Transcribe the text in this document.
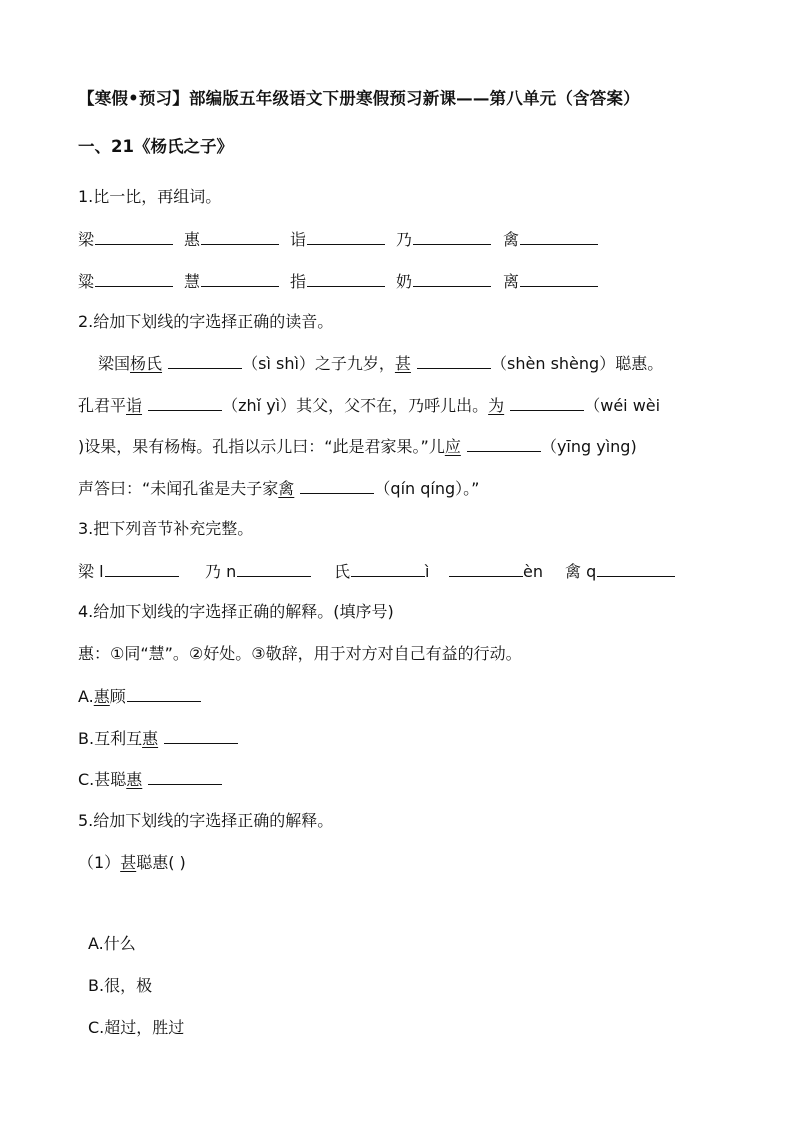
【寒假•预习】部编版五年级语文下册寒假预习新课——第八单元（含答案）
一、21《杨氏之子》
1.比一比，再组词。
梁	惠	诣	乃	禽
粱	慧	指	奶	离
2.给加下划线的字选择正确的读音。
梁国杨氏	（sì shì）之子九岁，甚	（shèn shèng）聪惠。
孔君平诣	（zhǐ yì）其父，父不在，乃呼儿出。为	（wéi wèi
)设果，果有杨梅。孔指以示儿曰：“此是君家果。”儿应	（yīng yìng)
声答曰：“未闻孔雀是夫子家禽	（qín qíng）。”
3.把下列音节补充完整。
梁 l	乃 n	氏	ì	èn 禽 q
4.给加下划线的字选择正确的解释。(填序号)
惠：①同“慧”。②好处。③敬辞，用于对方对自己有益的行动。
A.惠顾
B.互利互惠
C.甚聪惠
5.给加下划线的字选择正确的解释。
（1）甚聪惠( )
A.什么
B.很，极
C.超过，胜过
